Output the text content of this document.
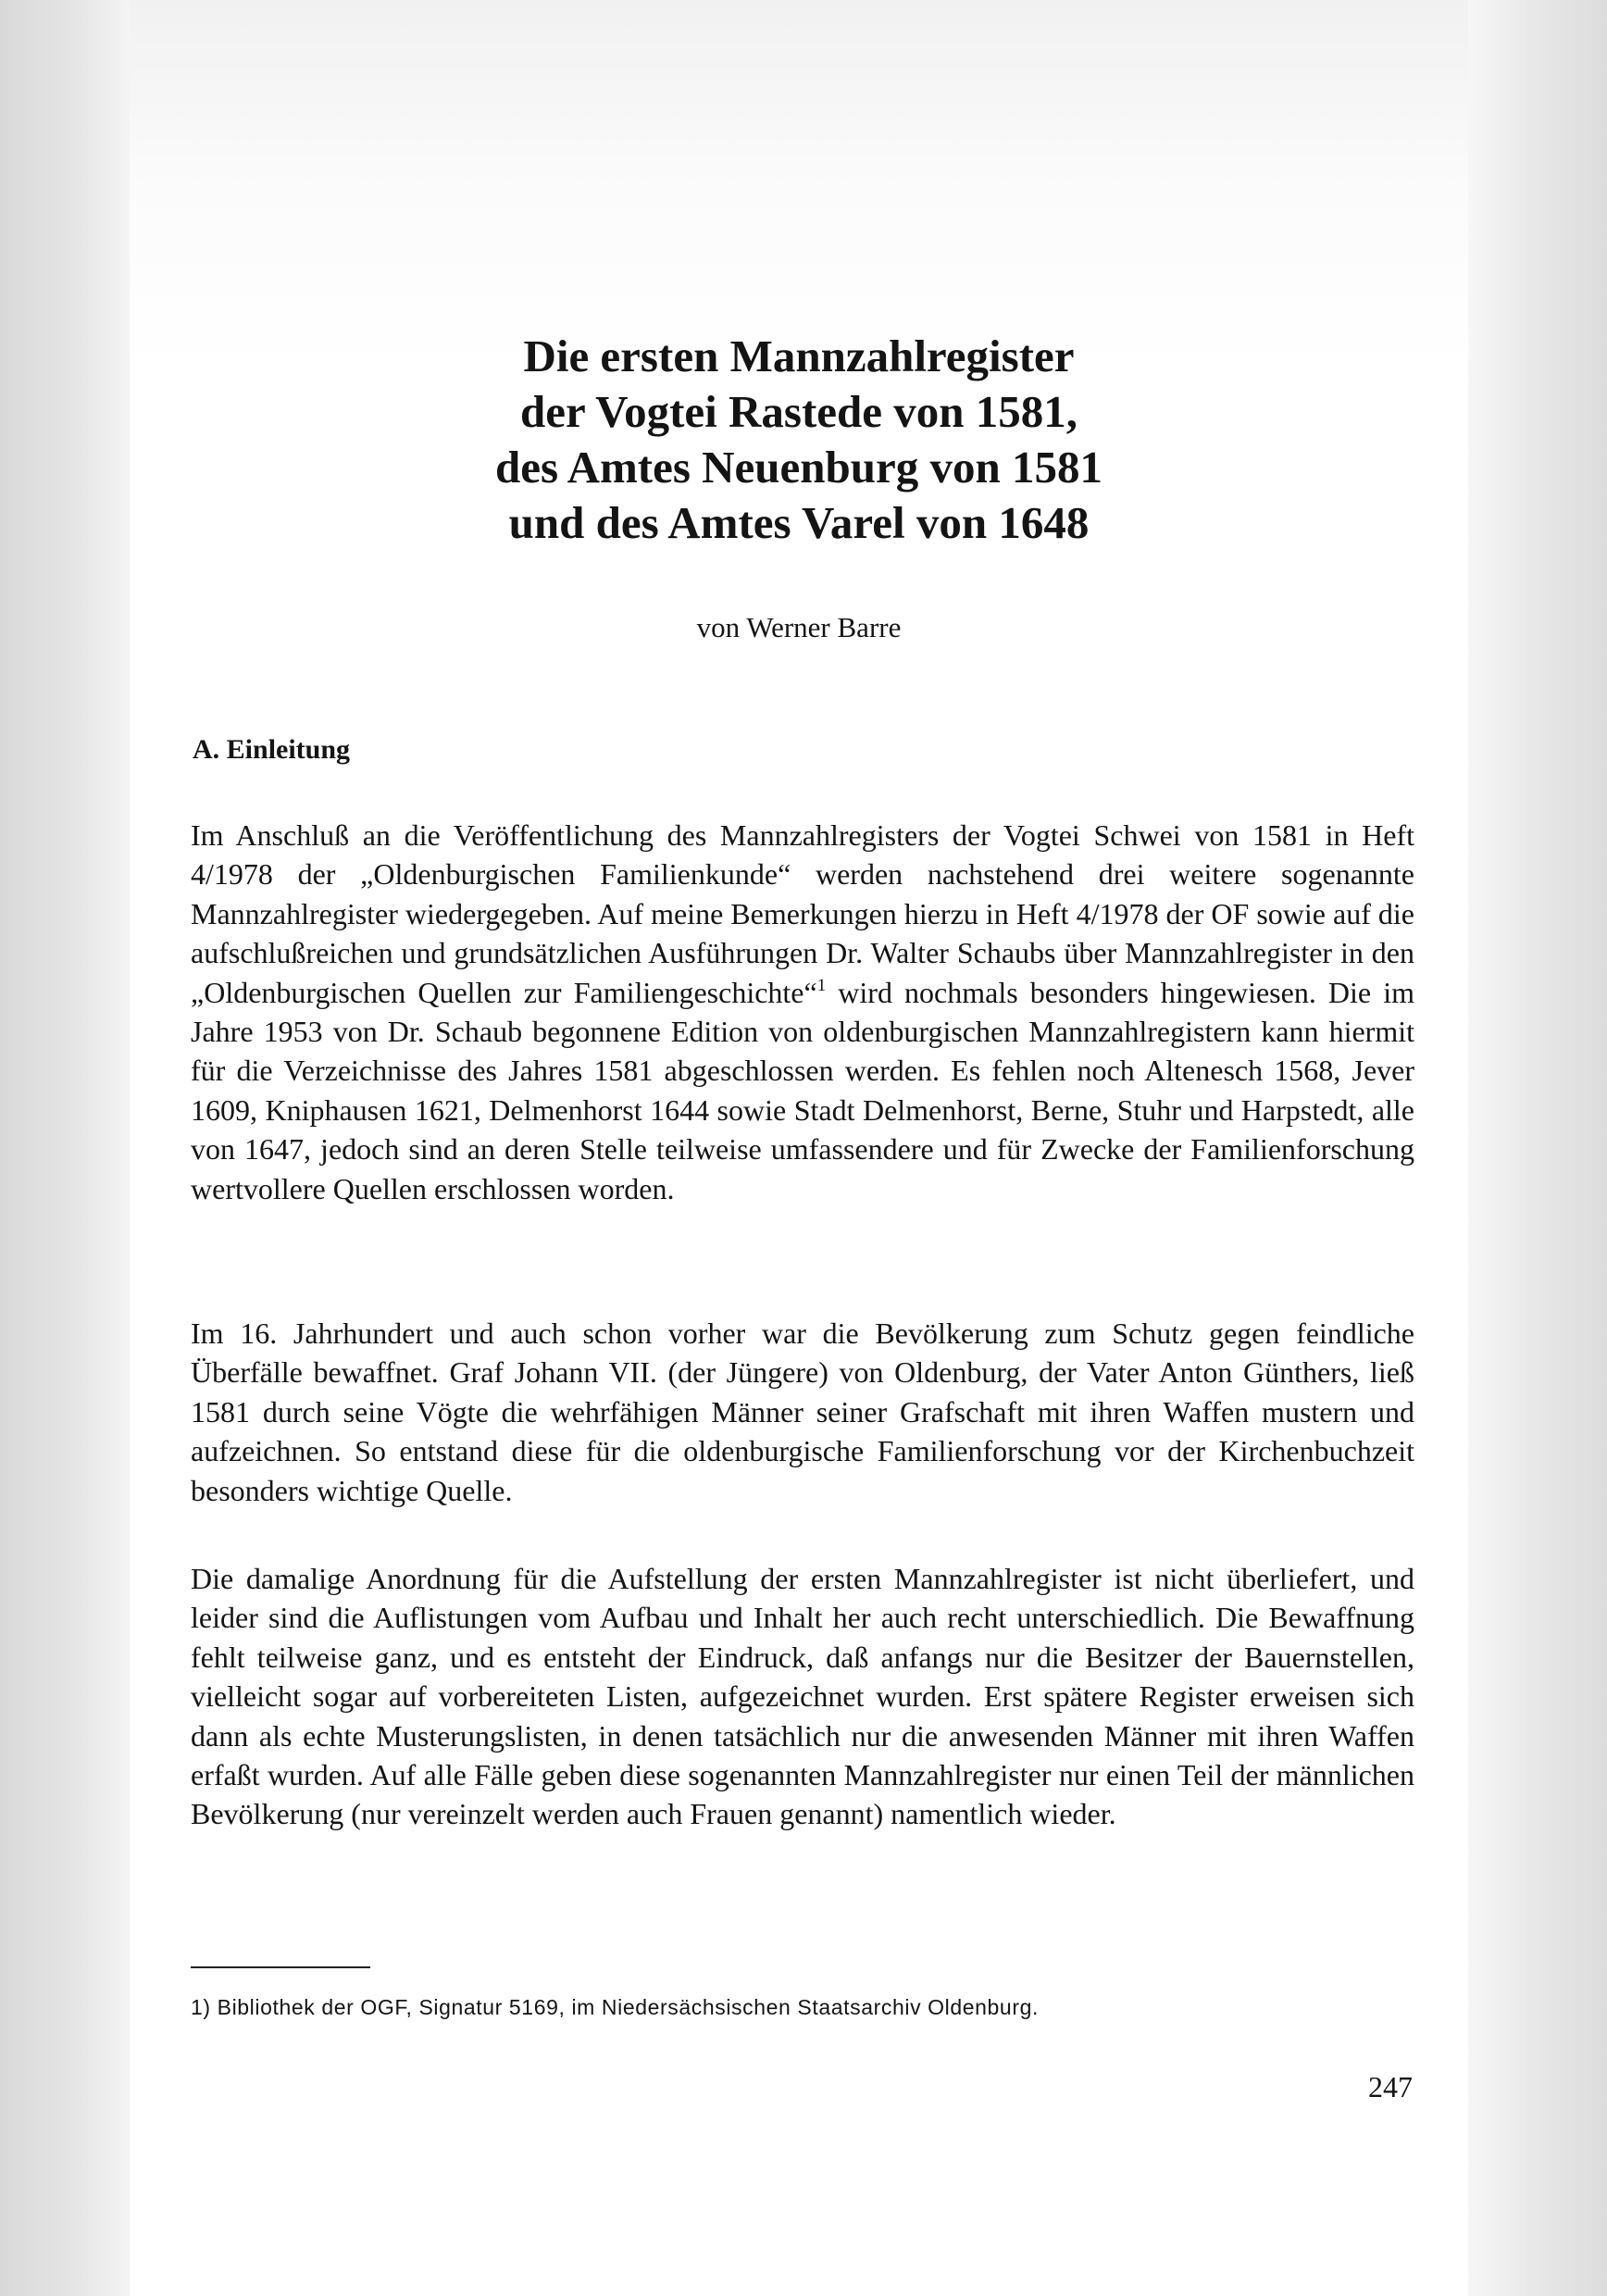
Die ersten Mannzahlregister
der Vogtei Rastede von 1581,
des Amtes Neuenburg von 1581
und des Amtes Varel von 1648
von Werner Barre
A. Einleitung

Im Anschluß an die Veröffentlichung des Mannzahlregisters der Vogtei Schwei von 1581 in Heft 4/1978 der „Oldenburgischen Familienkunde“ werden nachstehend drei weitere sogenannte Mannzahlregister wiedergegeben. Auf meine Bemerkungen hierzu in Heft 4/1978 der OF sowie auf die aufschlußreichen und grundsätzlichen Ausführungen Dr. Walter Schaubs über Mannzahlregister in den „Oldenburgischen Quellen zur Familiengeschichte“$^1$ wird nochmals besonders hingewiesen. Die im Jahre 1953 von Dr. Schaub begonnene Edition von oldenburgischen Mannzahlregistern kann hiermit für die Verzeichnisse des Jahres 1581 abgeschlossen werden. Es fehlen noch Altenesch 1568, Jever 1609, Kniphausen 1621, Delmenhorst 1644 sowie Stadt Delmenhorst, Berne, Stuhr und Harpstedt, alle von 1647, jedoch sind an deren Stelle teilweise umfassendere und für Zwecke der Familienforschung wertvollere Quellen erschlossen worden.

Im 16. Jahrhundert und auch schon vorher war die Bevölkerung zum Schutz gegen feindliche Überfälle bewaffnet. Graf Johann VII. (der Jüngere) von Oldenburg, der Vater Anton Günthers, ließ 1581 durch seine Vögte die wehrfähigen Männer seiner Grafschaft mit ihren Waffen mustern und aufzeichnen. So entstand diese für die oldenburgische Familienforschung vor der Kirchenbuchzeit besonders wichtige Quelle.

Die damalige Anordnung für die Aufstellung der ersten Mannzahlregister ist nicht überliefert, und leider sind die Auflistungen vom Aufbau und Inhalt her auch recht unterschiedlich. Die Bewaffnung fehlt teilweise ganz, und es entsteht der Eindruck, daß anfangs nur die Besitzer der Bauernstellen, vielleicht sogar auf vorbereiteten Listen, aufgezeichnet wurden. Erst spätere Register erweisen sich dann als echte Musterungslisten, in denen tatsächlich nur die anwesenden Männer mit ihren Waffen erfaßt wurden. Auf alle Fälle geben diese sogenannten Mannzahlregister nur einen Teil der männlichen Bevölkerung (nur vereinzelt werden auch Frauen genannt) namentlich wieder.

1) Bibliothek der OGF, Signatur 5169, im Niedersächsischen Staatsarchiv Oldenburg.
247
